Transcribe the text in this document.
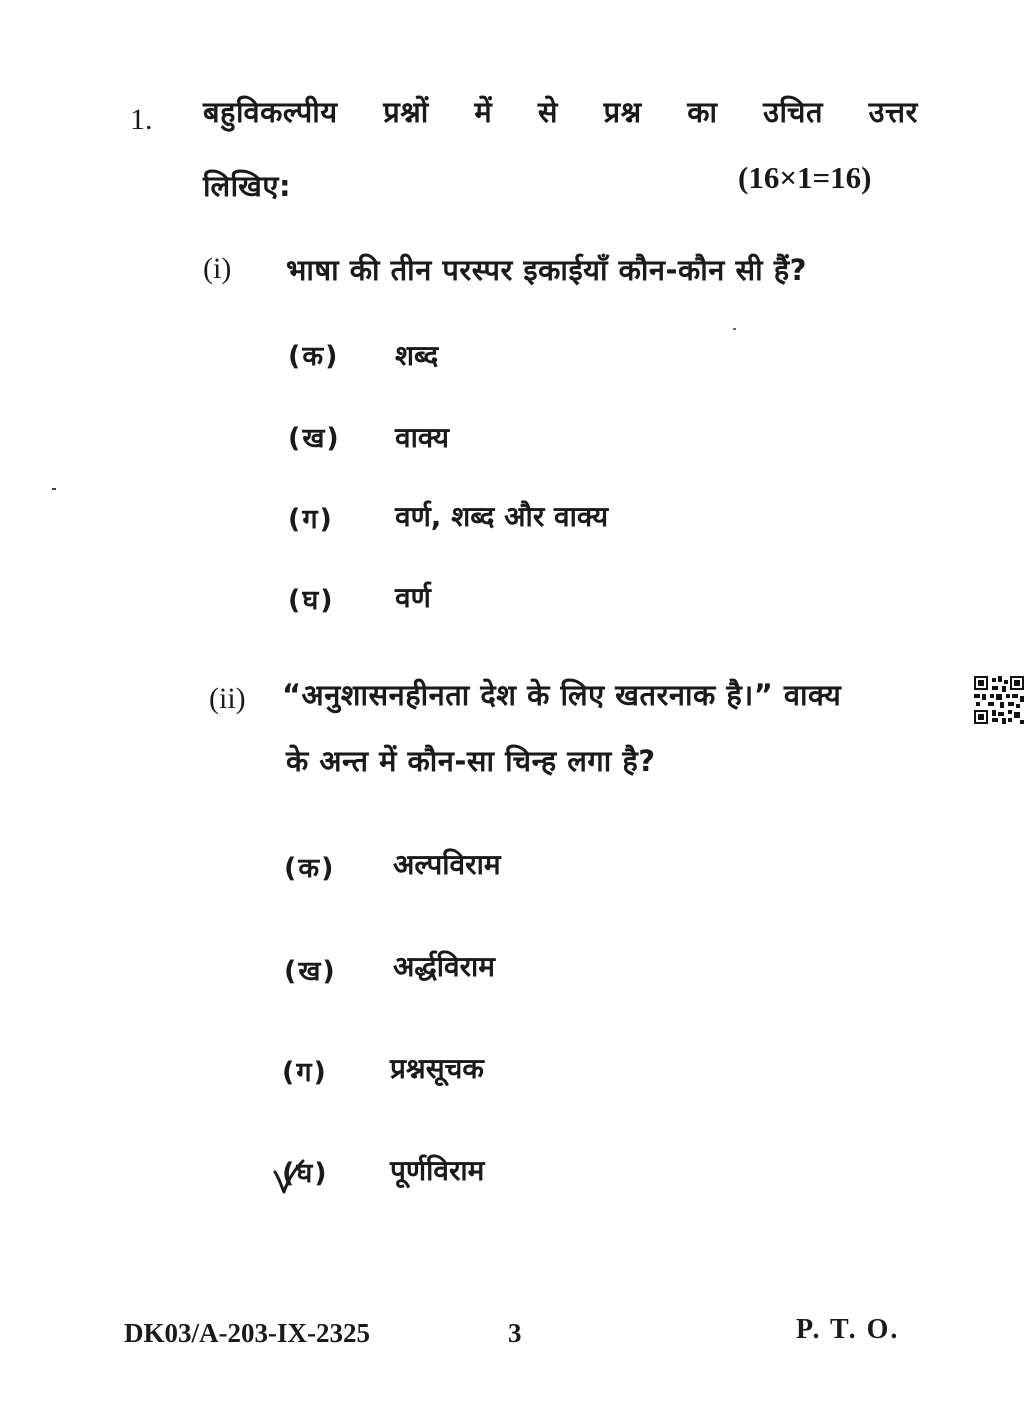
1. बहुविकल्पीय प्रश्नों में से प्रश्न का उचित उत्तर
लिखिए:	(16×1=16)
(i) भाषा की तीन परस्पर इकाईयाँ कौन-कौन सी हैं?
(क) शब्द
(ख) वाक्य
(ग) वर्ण, शब्द और वाक्य
(घ) वर्ण
(ii) “अनुशासनहीनता देश के लिए खतरनाक है।” वाक्य
के अन्त में कौन-सा चिन्ह लगा है?
(क) अल्पविराम
(ख) अर्द्धविराम
(ग) प्रश्नसूचक
(घ) पूर्णविराम
DK03/A-203-IX-2325	3	P. T. O.
